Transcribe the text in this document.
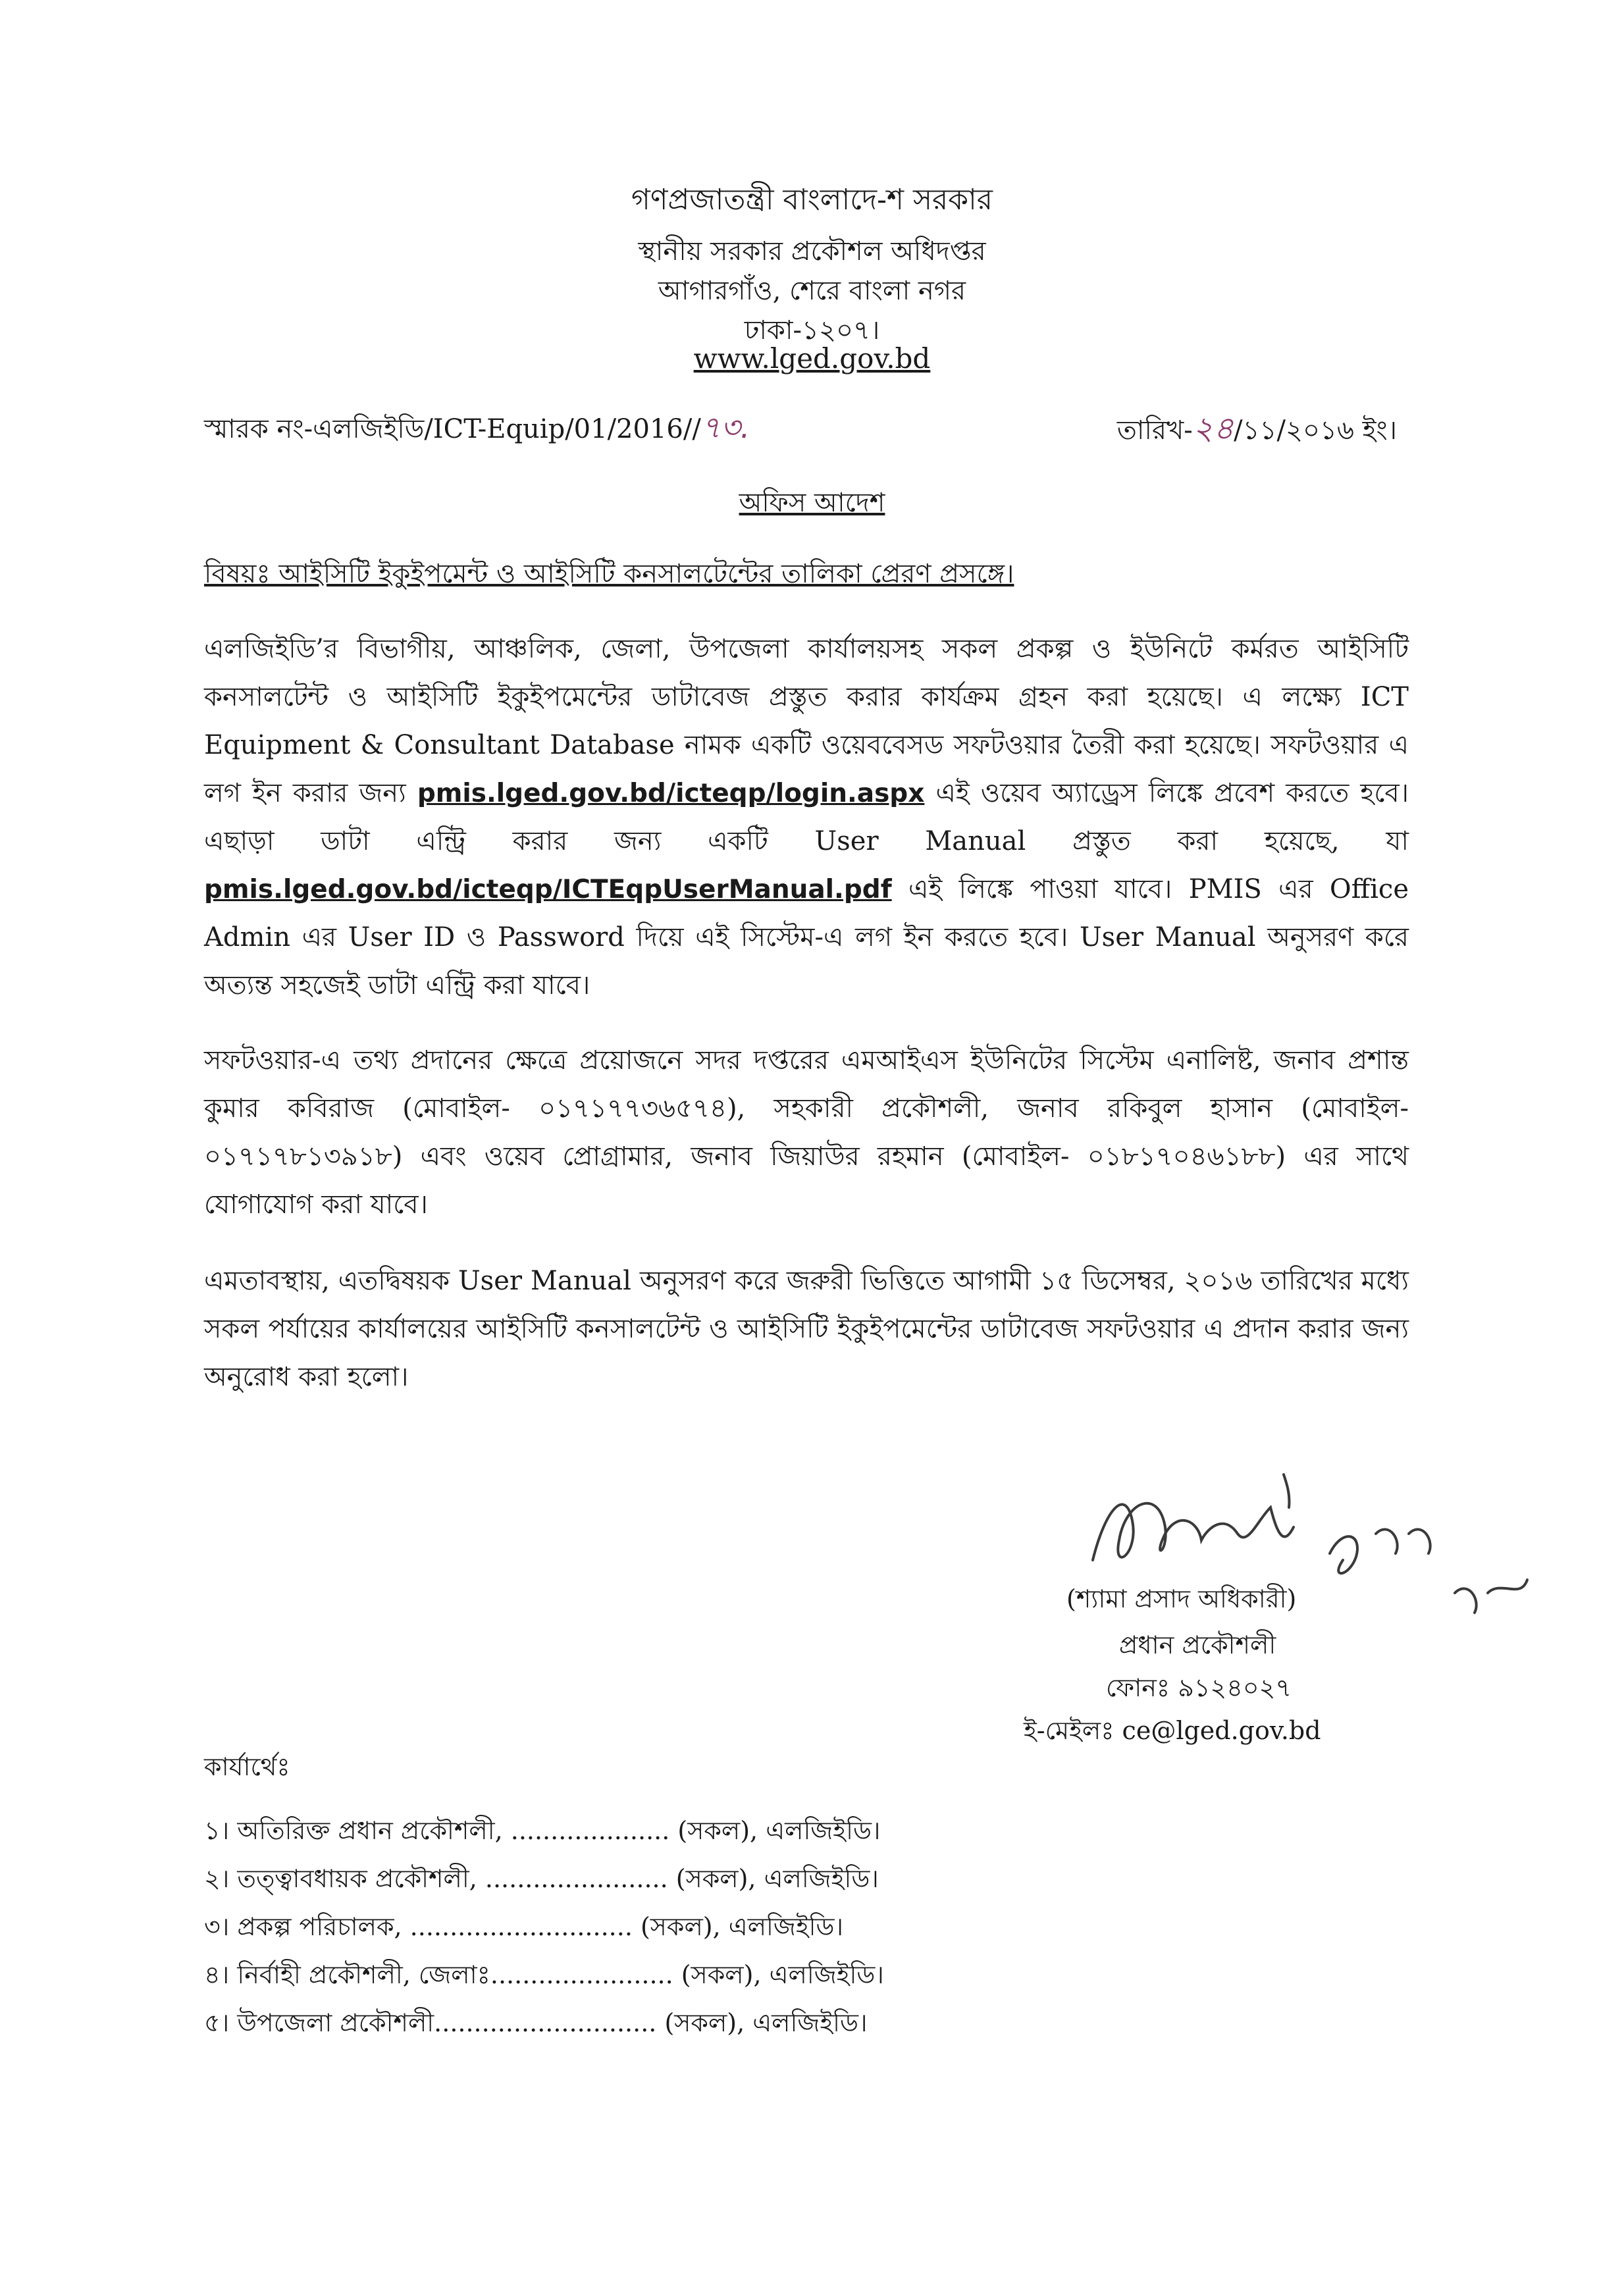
গণপ্রজাতন্ত্রী বাংলাদে-শ সরকার
স্থানীয় সরকার প্রকৌশল অধিদপ্তর
আগারগাঁও, শেরে বাংলা নগর
ঢাকা-১২০৭।
www.lged.gov.bd
স্মারক নং-এলজিইডি/ICT-Equip/01/2016//৭৩.	তারিখ-২৪/১১/২০১৬ ইং।
অফিস আদেশ
বিষয়ঃ আইসিটি ইকুইপমেন্ট ও আইসিটি কনসালটেন্টের তালিকা প্রেরণ প্রসঙ্গে।
এলজিইডি’র বিভাগীয়, আঞ্চলিক, জেলা, উপজেলা কার্যালয়সহ সকল প্রকল্প ও ইউনিটে কর্মরত আইসিটি কনসালটেন্ট ও আইসিটি ইকুইপমেন্টের ডাটাবেজ প্রস্তুত করার কার্যক্রম গ্রহন করা হয়েছে। এ লক্ষ্যে ICT Equipment & Consultant Database নামক একটি ওয়েববেসড সফটওয়ার তৈরী করা হয়েছে। সফটওয়ার এ লগ ইন করার জন্য pmis.lged.gov.bd/icteqp/login.aspx এই ওয়েব অ্যাড্রেস লিঙ্কে প্রবেশ করতে হবে। এছাড়া ডাটা এন্ট্রি করার জন্য একটি User Manual প্রস্তুত করা হয়েছে, যা pmis.lged.gov.bd/icteqp/ICTEqpUserManual.pdf এই লিঙ্কে পাওয়া যাবে। PMIS এর Office Admin এর User ID ও Password দিয়ে এই সিস্টেম-এ লগ ইন করতে হবে। User Manual অনুসরণ করে অত্যন্ত সহজেই ডাটা এন্ট্রি করা যাবে।
সফটওয়ার-এ তথ্য প্রদানের ক্ষেত্রে প্রয়োজনে সদর দপ্তরের এমআইএস ইউনিটের সিস্টেম এনালিষ্ট, জনাব প্রশান্ত কুমার কবিরাজ (মোবাইল- ০১৭১৭৭৩৬৫৭৪), সহকারী প্রকৌশলী, জনাব রকিবুল হাসান (মোবাইল- ০১৭১৭৮১৩৯১৮) এবং ওয়েব প্রোগ্রামার, জনাব জিয়াউর রহমান (মোবাইল- ০১৮১৭০৪৬১৮৮) এর সাথে যোগাযোগ করা যাবে।
এমতাবস্থায়, এতদ্বিষয়ক User Manual অনুসরণ করে জরুরী ভিত্তিতে আগামী ১৫ ডিসেম্বর, ২০১৬ তারিখের মধ্যে সকল পর্যায়ের কার্যালয়ের আইসিটি কনসালটেন্ট ও আইসিটি ইকুইপমেন্টের ডাটাবেজ সফটওয়ার এ প্রদান করার জন্য অনুরোধ করা হলো।
(শ্যামা প্রসাদ অধিকারী)
প্রধান প্রকৌশলী
ফোনঃ ৯১২৪০২৭
ই-মেইলঃ ce@lged.gov.bd
কার্যার্থেঃ
১। অতিরিক্ত প্রধান প্রকৌশলী, .................... (সকল), এলজিইডি।
২। তত্ত্বাবধায়ক প্রকৌশলী, ....................... (সকল), এলজিইডি।
৩। প্রকল্প পরিচালক, ............................ (সকল), এলজিইডি।
৪। নির্বাহী প্রকৌশলী, জেলাঃ....................... (সকল), এলজিইডি।
৫। উপজেলা প্রকৌশলী............................ (সকল), এলজিইডি।
